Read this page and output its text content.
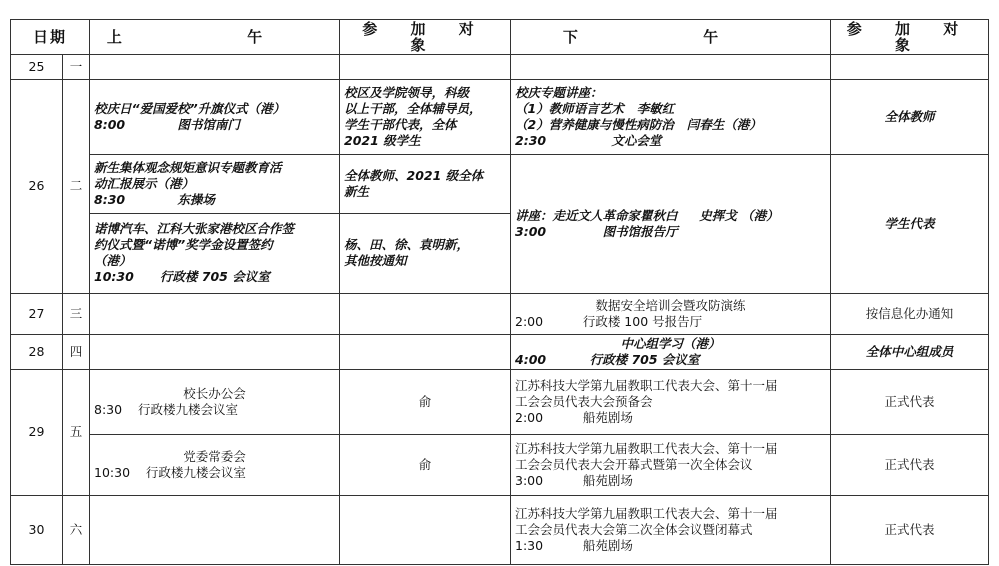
日期		上 午	参 加 对 象	下 午	参 加 对 象
25	一				
26	二	校庆日“爱国爱校”升旗仪式（港）
8:00            图书馆南门	校区及学院领导，科级
以上干部，全体辅导员，
学生干部代表，全体
2021 级学生	校庆专题讲座：
（1）教师语言艺术   李敏红
（2）营养健康与慢性病防治   闫春生（港）
2:30               文心会堂	全体教师

		新生集体观念规矩意识专题教育活
动汇报展示（港）
8:30            东操场	全体教师、2021 级全体
新生	讲座：走近文人革命家瞿秋白     史挥戈 （港）
3:00             图书馆报告厅	学生代表

		诺博汽车、江科大张家港校区合作签
约仪式暨“诺博”奖学金设置签约
（港）
10:30      行政楼 705 会议室	杨、田、徐、袁明新，
其他按通知		

27	三			数据安全培训会暨攻防演练
2:00          行政楼 100 号报告厅	按信息化办通知
28	四			中心组学习（港）
4:00          行政楼 705 会议室	全体中心组成员
29	五	校长办公会
8:30    行政楼九楼会议室	俞	江苏科技大学第九届教职工代表大会、第十一届
工会会员代表大会预备会
2:00          船苑剧场	正式代表

		党委常委会
10:30    行政楼九楼会议室	俞	江苏科技大学第九届教职工代表大会、第十一届
工会会员代表大会开幕式暨第一次全体会议
3:00          船苑剧场	正式代表
30	六			江苏科技大学第九届教职工代表大会、第十一届
工会会员代表大会第二次全体会议暨闭幕式
1:30          船苑剧场	正式代表
